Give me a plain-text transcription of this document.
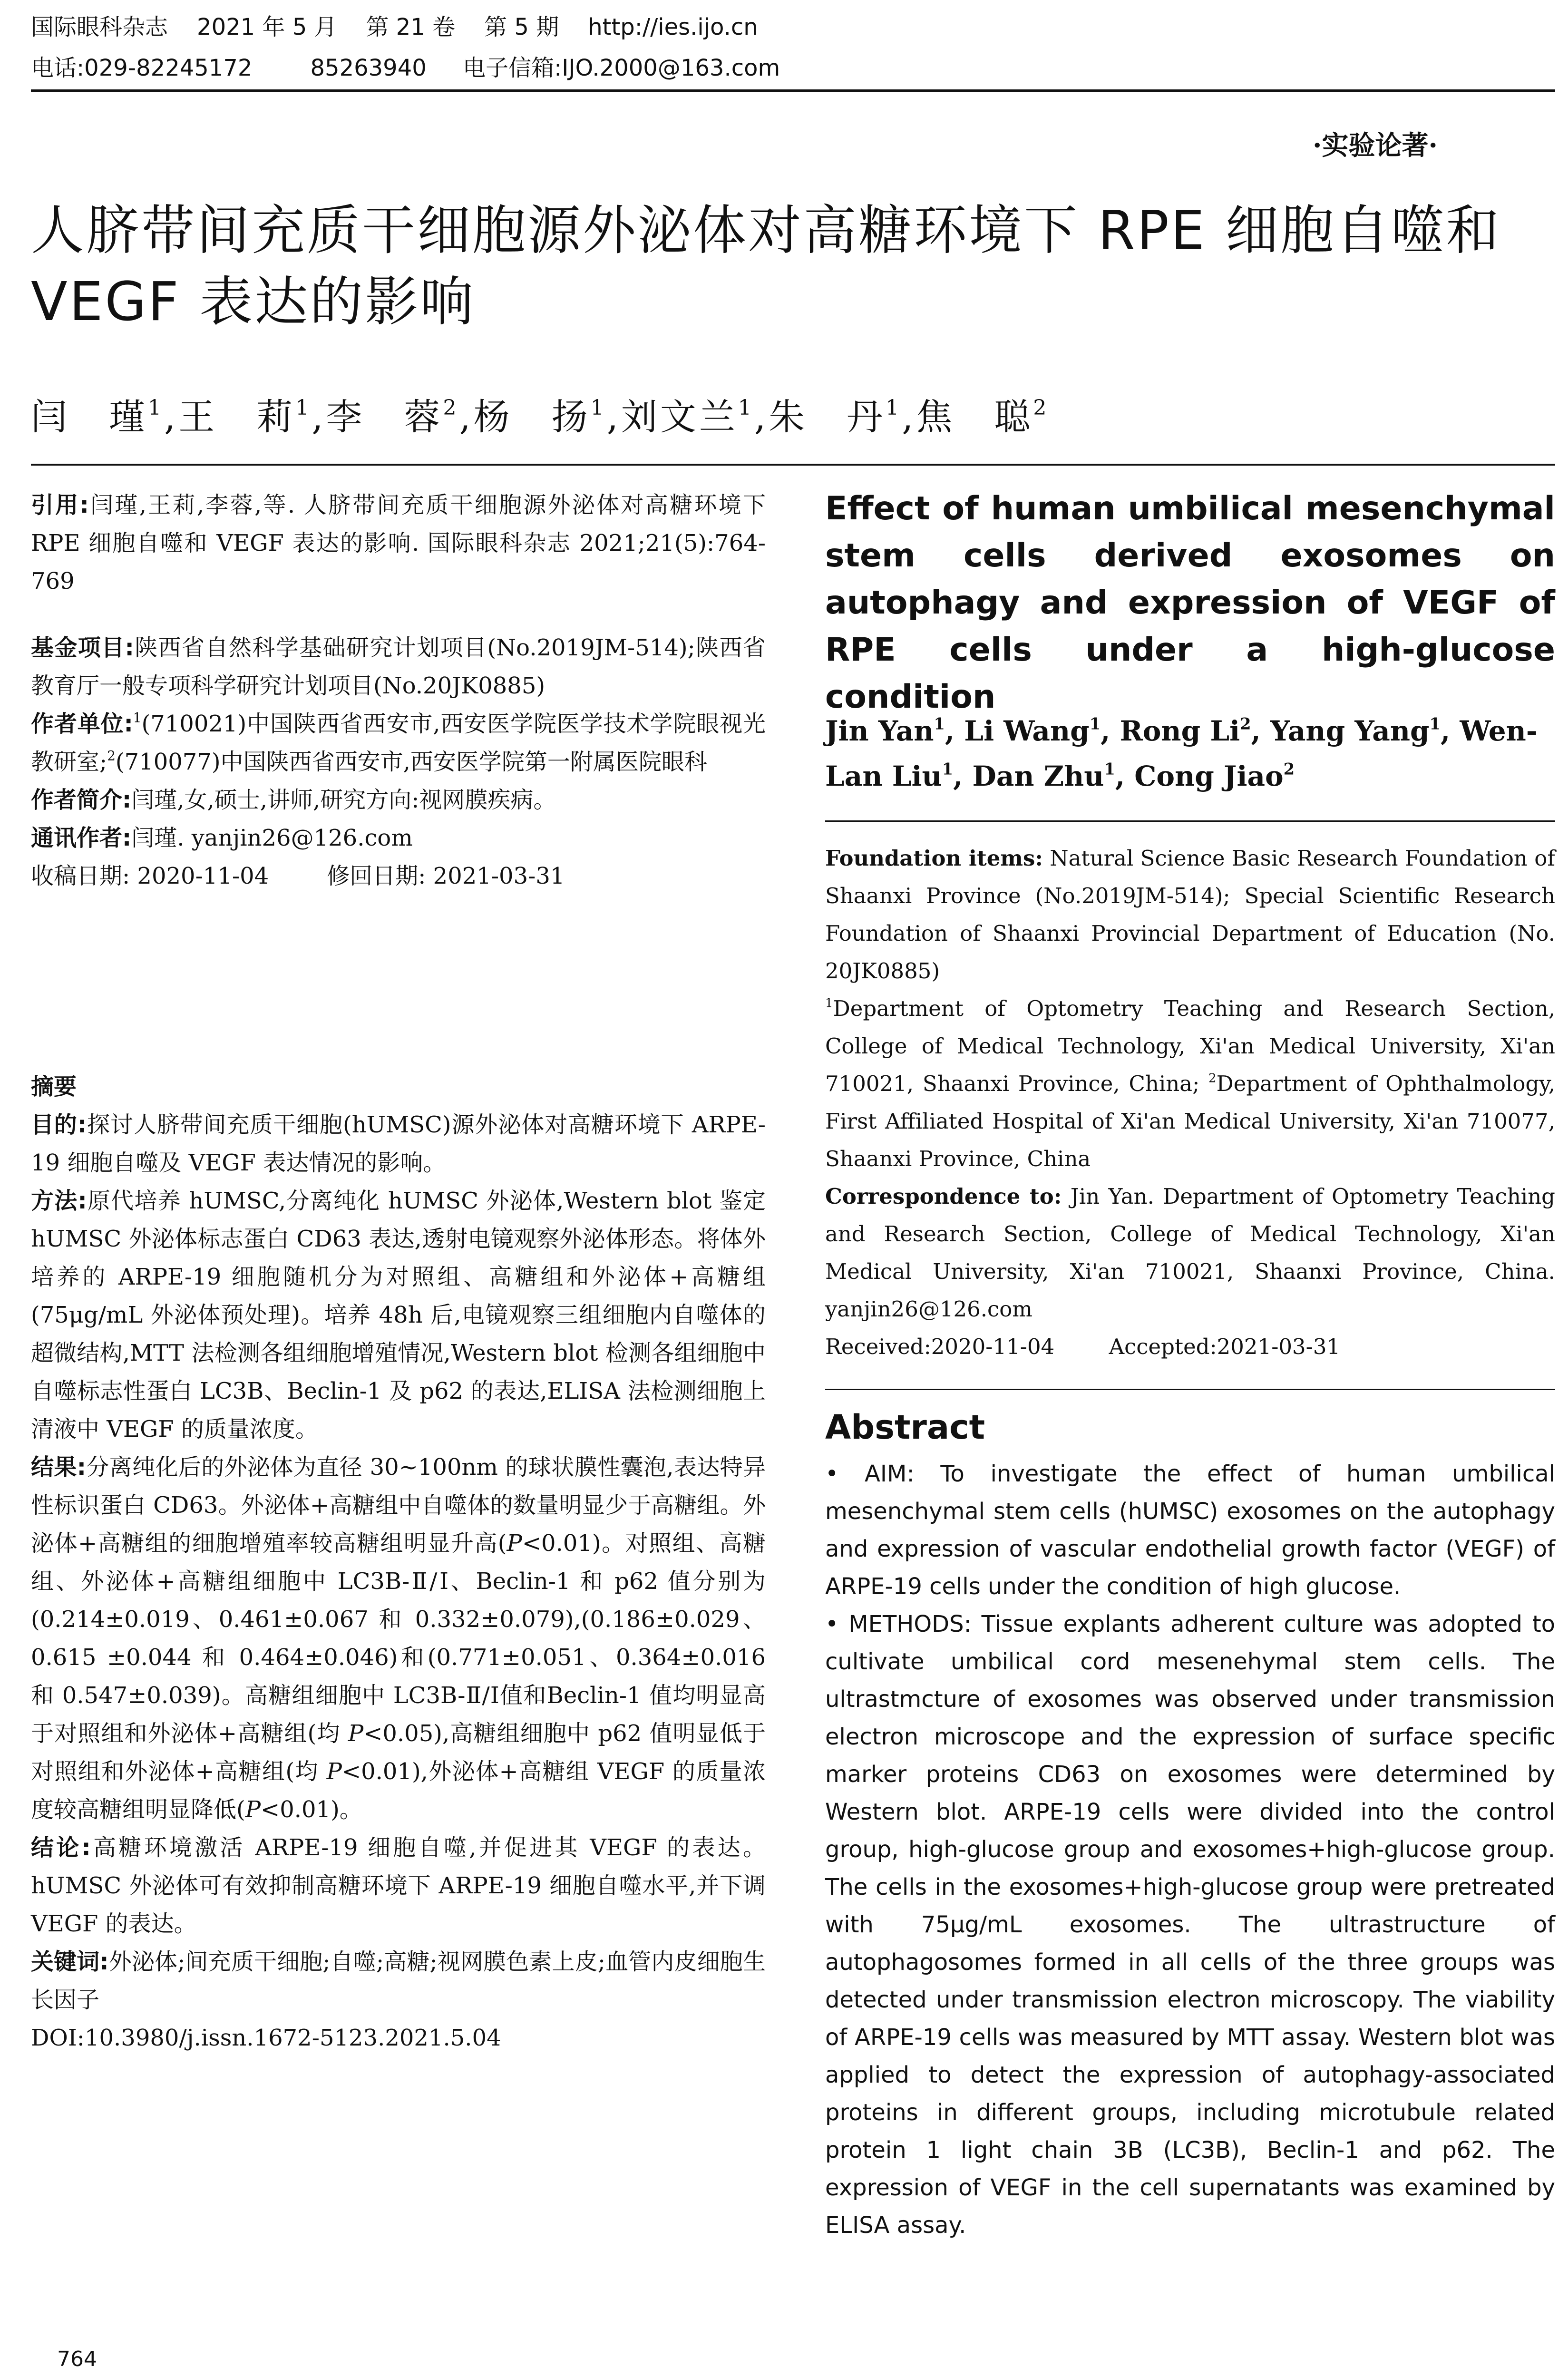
国际眼科杂志    2021 年 5 月    第 21 卷    第 5 期    http://ies.ijo.cn
电话:029-82245172        85263940     电子信箱:IJO.2000@163.com
·实验论著·
人脐带间充质干细胞源外泌体对高糖环境下 RPE 细胞自噬和 VEGF 表达的影响
闫　瑾$^1$,王　莉$^1$,李　蓉$^2$,杨　扬$^1$,刘文兰$^1$,朱　丹$^1$,焦　聪$^2$

引用:闫瑾,王莉,李蓉,等. 人脐带间充质干细胞源外泌体对高糖环境下 RPE 细胞自噬和 VEGF 表达的影响. 国际眼科杂志 2021;21(5):764-769

基金项目:陕西省自然科学基础研究计划项目(No.2019JM-514);陕西省教育厅一般专项科学研究计划项目(No.20JK0885)

作者单位:$^1$(710021)中国陕西省西安市,西安医学院医学技术学院眼视光教研室;$^2$(710077)中国陕西省西安市,西安医学院第一附属医院眼科

作者简介:闫瑾,女,硕士,讲师,研究方向:视网膜疾病。

通讯作者:闫瑾. yanjin26@126.com

收稿日期: 2020-11-04        修回日期: 2021-03-31

摘要

目的:探讨人脐带间充质干细胞(hUMSC)源外泌体对高糖环境下 ARPE-19 细胞自噬及 VEGF 表达情况的影响。

方法:原代培养 hUMSC,分离纯化 hUMSC 外泌体,Western blot 鉴定 hUMSC 外泌体标志蛋白 CD63 表达,透射电镜观察外泌体形态。将体外培养的 ARPE-19 细胞随机分为对照组、高糖组和外泌体+高糖组(75μg/mL 外泌体预处理)。培养 48h 后,电镜观察三组细胞内自噬体的超微结构,MTT 法检测各组细胞增殖情况,Western blot 检测各组细胞中自噬标志性蛋白 LC3B、Beclin-1 及 p62 的表达,ELISA 法检测细胞上清液中 VEGF 的质量浓度。

结果:分离纯化后的外泌体为直径 30~100nm 的球状膜性囊泡,表达特异性标识蛋白 CD63。外泌体+高糖组中自噬体的数量明显少于高糖组。外泌体+高糖组的细胞增殖率较高糖组明显升高(P<0.01)。对照组、高糖组、外泌体+高糖组细胞中 LC3B-Ⅱ/Ⅰ、Beclin-1 和 p62 值分别为(0.214±0.019、0.461±0.067 和 0.332±0.079),(0.186±0.029、0.615 ±0.044 和 0.464±0.046)和(0.771±0.051、0.364±0.016 和 0.547±0.039)。高糖组细胞中 LC3B-Ⅱ/Ⅰ值和Beclin-1 值均明显高于对照组和外泌体+高糖组(均 P<0.05),高糖组细胞中 p62 值明显低于对照组和外泌体+高糖组(均 P<0.01),外泌体+高糖组 VEGF 的质量浓度较高糖组明显降低(P<0.01)。

结论:高糖环境激活 ARPE-19 细胞自噬,并促进其 VEGF 的表达。hUMSC 外泌体可有效抑制高糖环境下 ARPE-19 细胞自噬水平,并下调 VEGF 的表达。

关键词:外泌体;间充质干细胞;自噬;高糖;视网膜色素上皮;血管内皮细胞生长因子

DOI:10.3980/j.issn.1672-5123.2021.5.04

Effect of human umbilical mesenchymal stem cells derived exosomes on autophagy and expression of VEGF of RPE cells under a high-glucose condition
Jin Yan$^1$, Li Wang$^1$, Rong Li$^2$, Yang Yang$^1$, Wen-Lan Liu$^1$, Dan Zhu$^1$, Cong Jiao$^2$

Foundation items: Natural Science Basic Research Foundation of Shaanxi Province (No.2019JM-514); Special Scientific Research Foundation of Shaanxi Provincial Department of Education (No. 20JK0885)

$^1$Department of Optometry Teaching and Research Section, College of Medical Technology, Xi'an Medical University, Xi'an 710021, Shaanxi Province, China; $^2$Department of Ophthalmology, First Affiliated Hospital of Xi'an Medical University, Xi'an 710077, Shaanxi Province, China

Correspondence to: Jin Yan. Department of Optometry Teaching and Research Section, College of Medical Technology, Xi'an Medical University, Xi'an 710021, Shaanxi Province, China. yanjin26@126.com

Received:2020-11-04        Accepted:2021-03-31

Abstract

• AIM: To investigate the effect of human umbilical mesenchymal stem cells (hUMSC) exosomes on the autophagy and expression of vascular endothelial growth factor (VEGF) of ARPE-19 cells under the condition of high glucose.

• METHODS: Tissue explants adherent culture was adopted to cultivate umbilical cord mesenehymal stem cells. The ultrastmcture of exosomes was observed under transmission electron microscope and the expression of surface specific marker proteins CD63 on exosomes were determined by Western blot. ARPE-19 cells were divided into the control group, high-glucose group and exosomes+high-glucose group. The cells in the exosomes+high-glucose group were pretreated with 75μg/mL exosomes. The ultrastructure of autophagosomes formed in all cells of the three groups was detected under transmission electron microscopy. The viability of ARPE-19 cells was measured by MTT assay. Western blot was applied to detect the expression of autophagy-associated proteins in different groups, including microtubule related protein 1 light chain 3B (LC3B), Beclin-1 and p62. The expression of VEGF in the cell supernatants was examined by ELISA assay.

764
